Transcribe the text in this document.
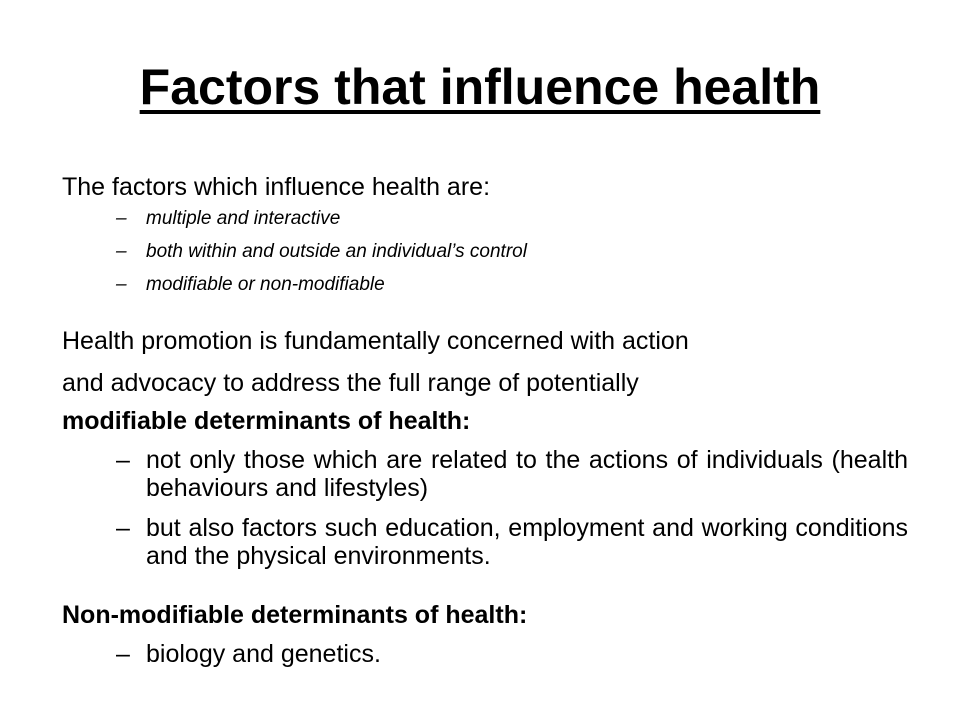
Factors that influence health
The factors which influence health are:
– multiple and interactive
– both within and outside an individual’s control
– modifiable or non-modifiable
Health promotion is fundamentally concerned with action
and advocacy to address the full range of potentially
modifiable determinants of health:
– not only those which are related to the actions of individuals (health behaviours and lifestyles)
– but also factors such education, employment and working conditions and the physical environments.
Non-modifiable determinants of health:
– biology and genetics.
